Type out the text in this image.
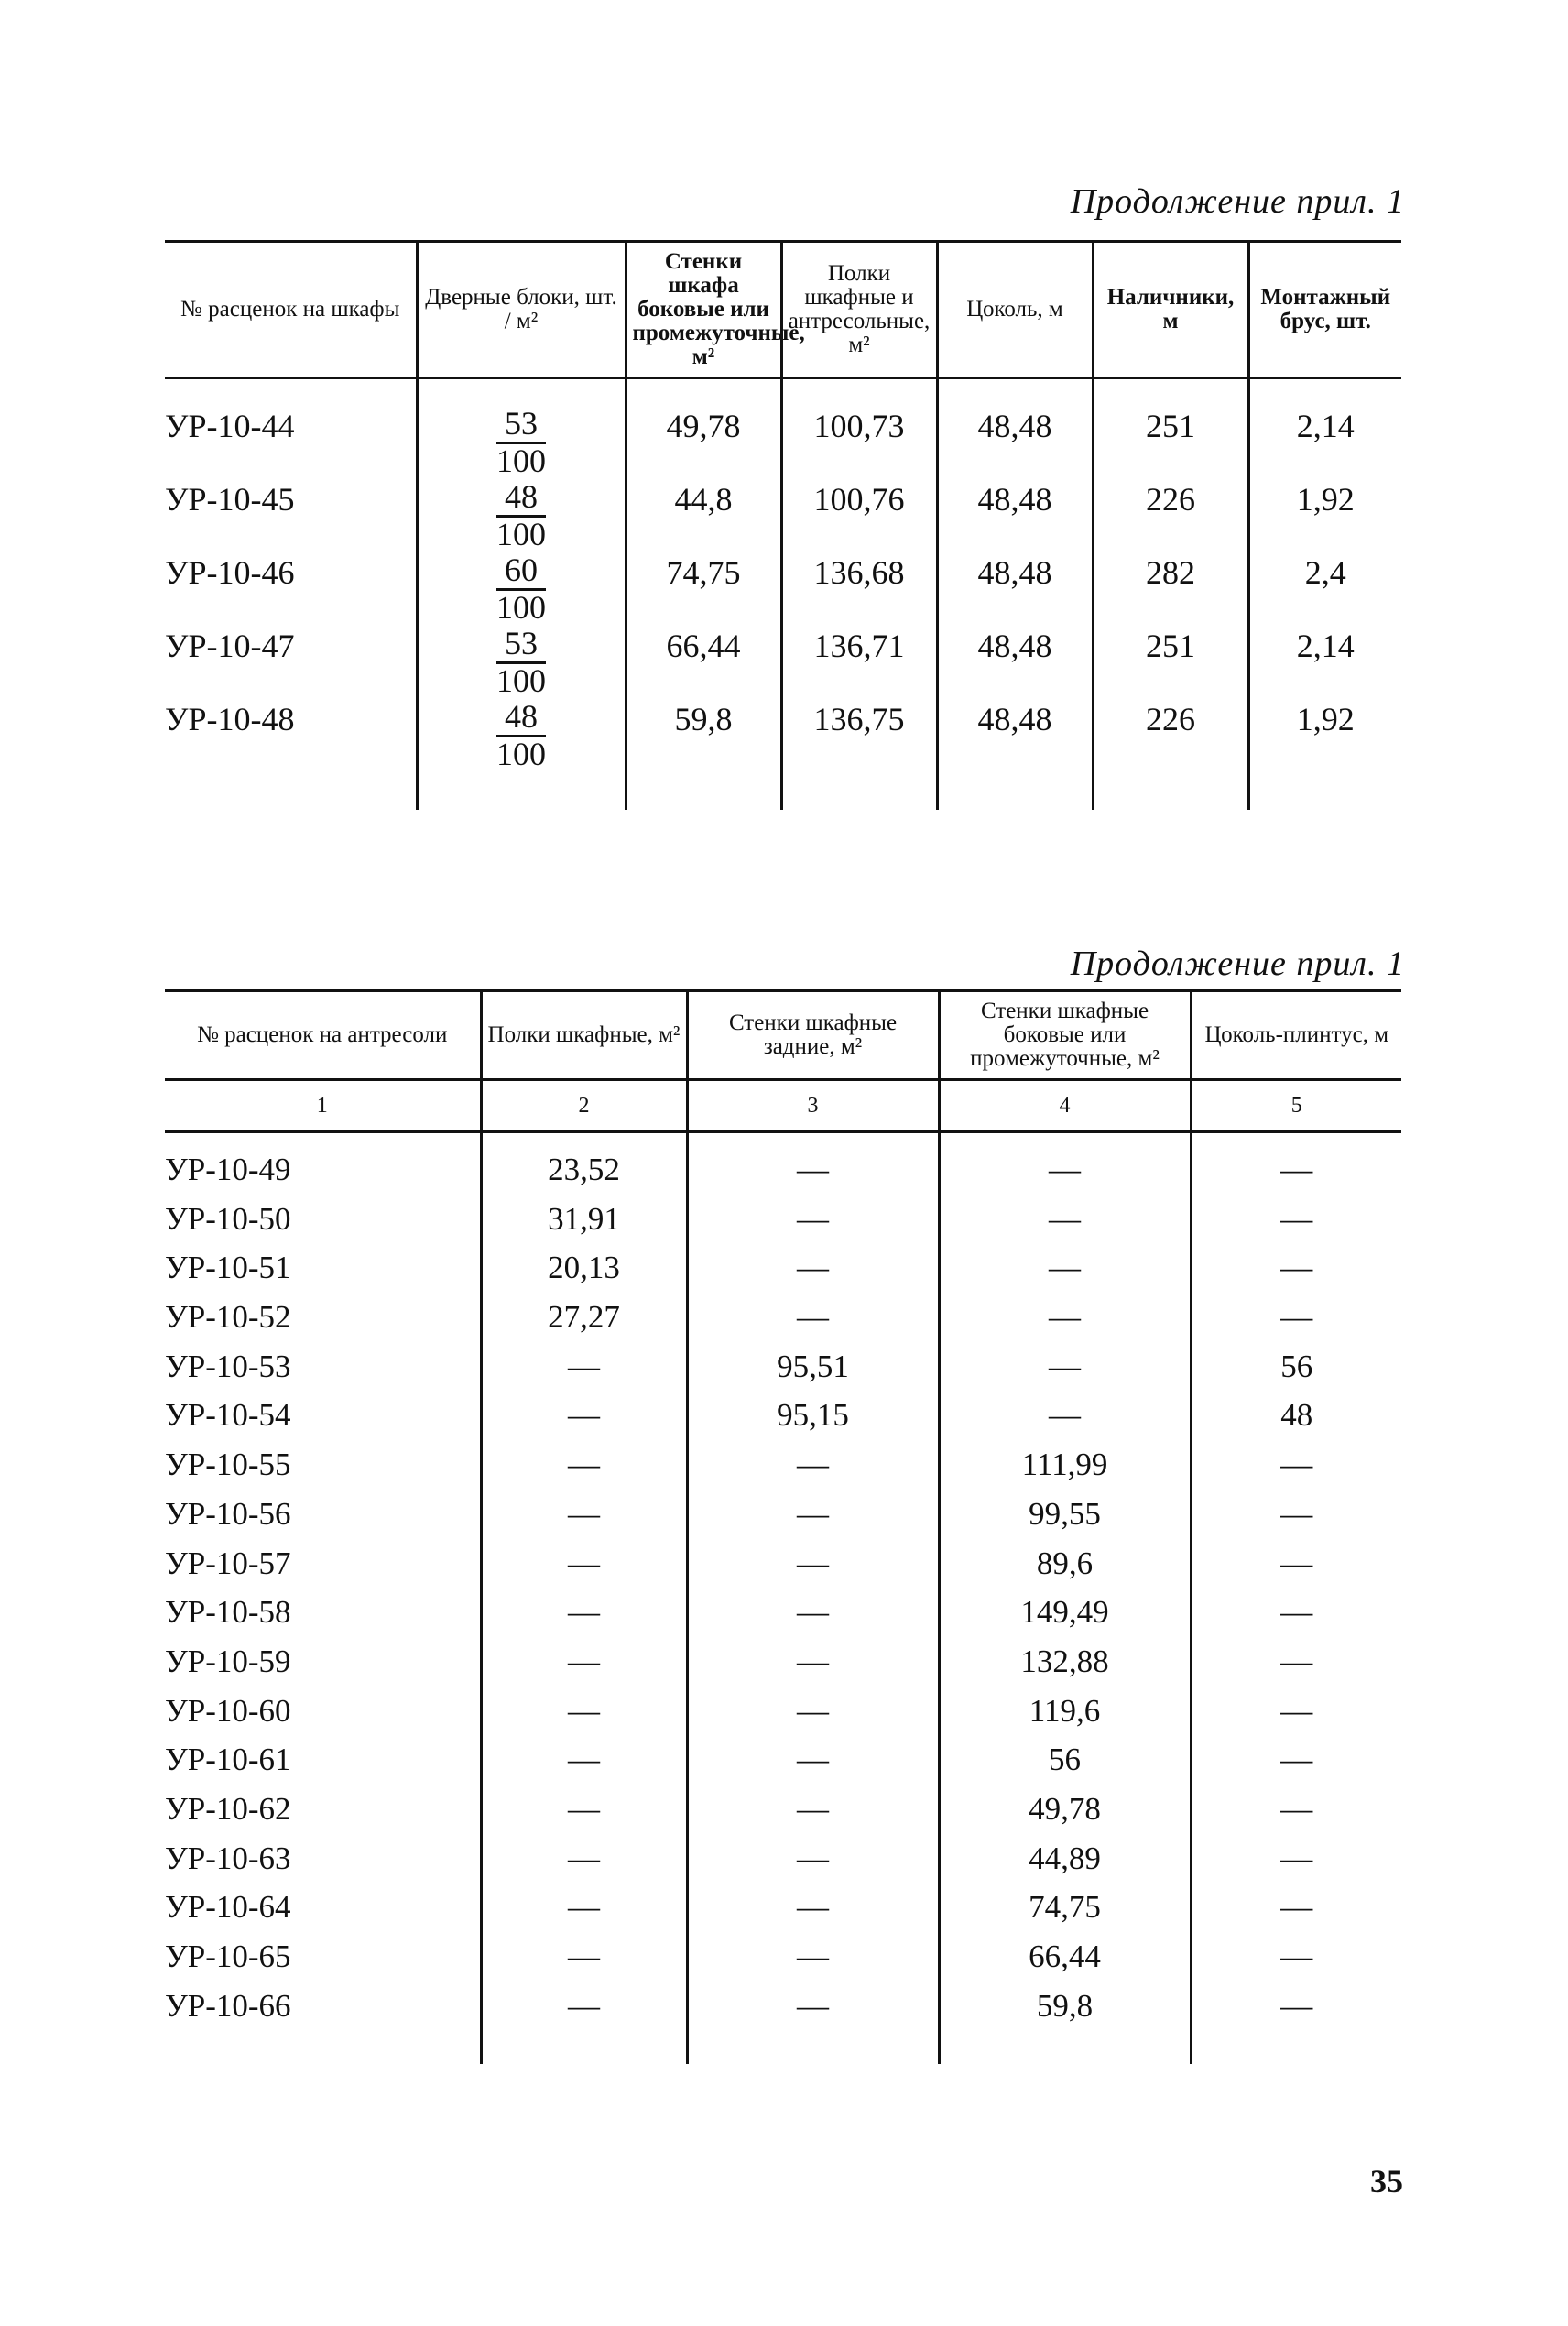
Продолжение прил. 1
№ расценок на шкафы	Дверные блоки, шт. / м²	Стенки шкафа боковые или промежуточные, м²	Полки шкафные и антресольные, м²	Цоколь, м	Наличники, м	Монтажный брус, шт.
УР-10-44	$\frac{53}{100}$	49,78	100,73	48,48	251	2,14
УР-10-45	$\frac{48}{100}$	44,8	100,76	48,48	226	1,92
УР-10-46	$\frac{60}{100}$	74,75	136,68	48,48	282	2,4
УР-10-47	$\frac{53}{100}$	66,44	136,71	48,48	251	2,14
УР-10-48	$\frac{48}{100}$	59,8	136,75	48,48	226	1,92

Продолжение прил. 1
№ расценок на антресоли	Полки шкафные, м²	Стенки шкафные задние, м²	Стенки шкафные боковые или промежуточные, м²	Цоколь-плинтус, м
1	2	3	4	5
УР-10-49	23,52	—	—	—
УР-10-50	31,91	—	—	—
УР-10-51	20,13	—	—	—
УР-10-52	27,27	—	—	—
УР-10-53	—	95,51	—	56
УР-10-54	—	95,15	—	48
УР-10-55	—	—	111,99	—
УР-10-56	—	—	99,55	—
УР-10-57	—	—	89,6	—
УР-10-58	—	—	149,49	—
УР-10-59	—	—	132,88	—
УР-10-60	—	—	119,6	—
УР-10-61	—	—	56	—
УР-10-62	—	—	49,78	—
УР-10-63	—	—	44,89	—
УР-10-64	—	—	74,75	—
УР-10-65	—	—	66,44	—
УР-10-66	—	—	59,8	—

35
